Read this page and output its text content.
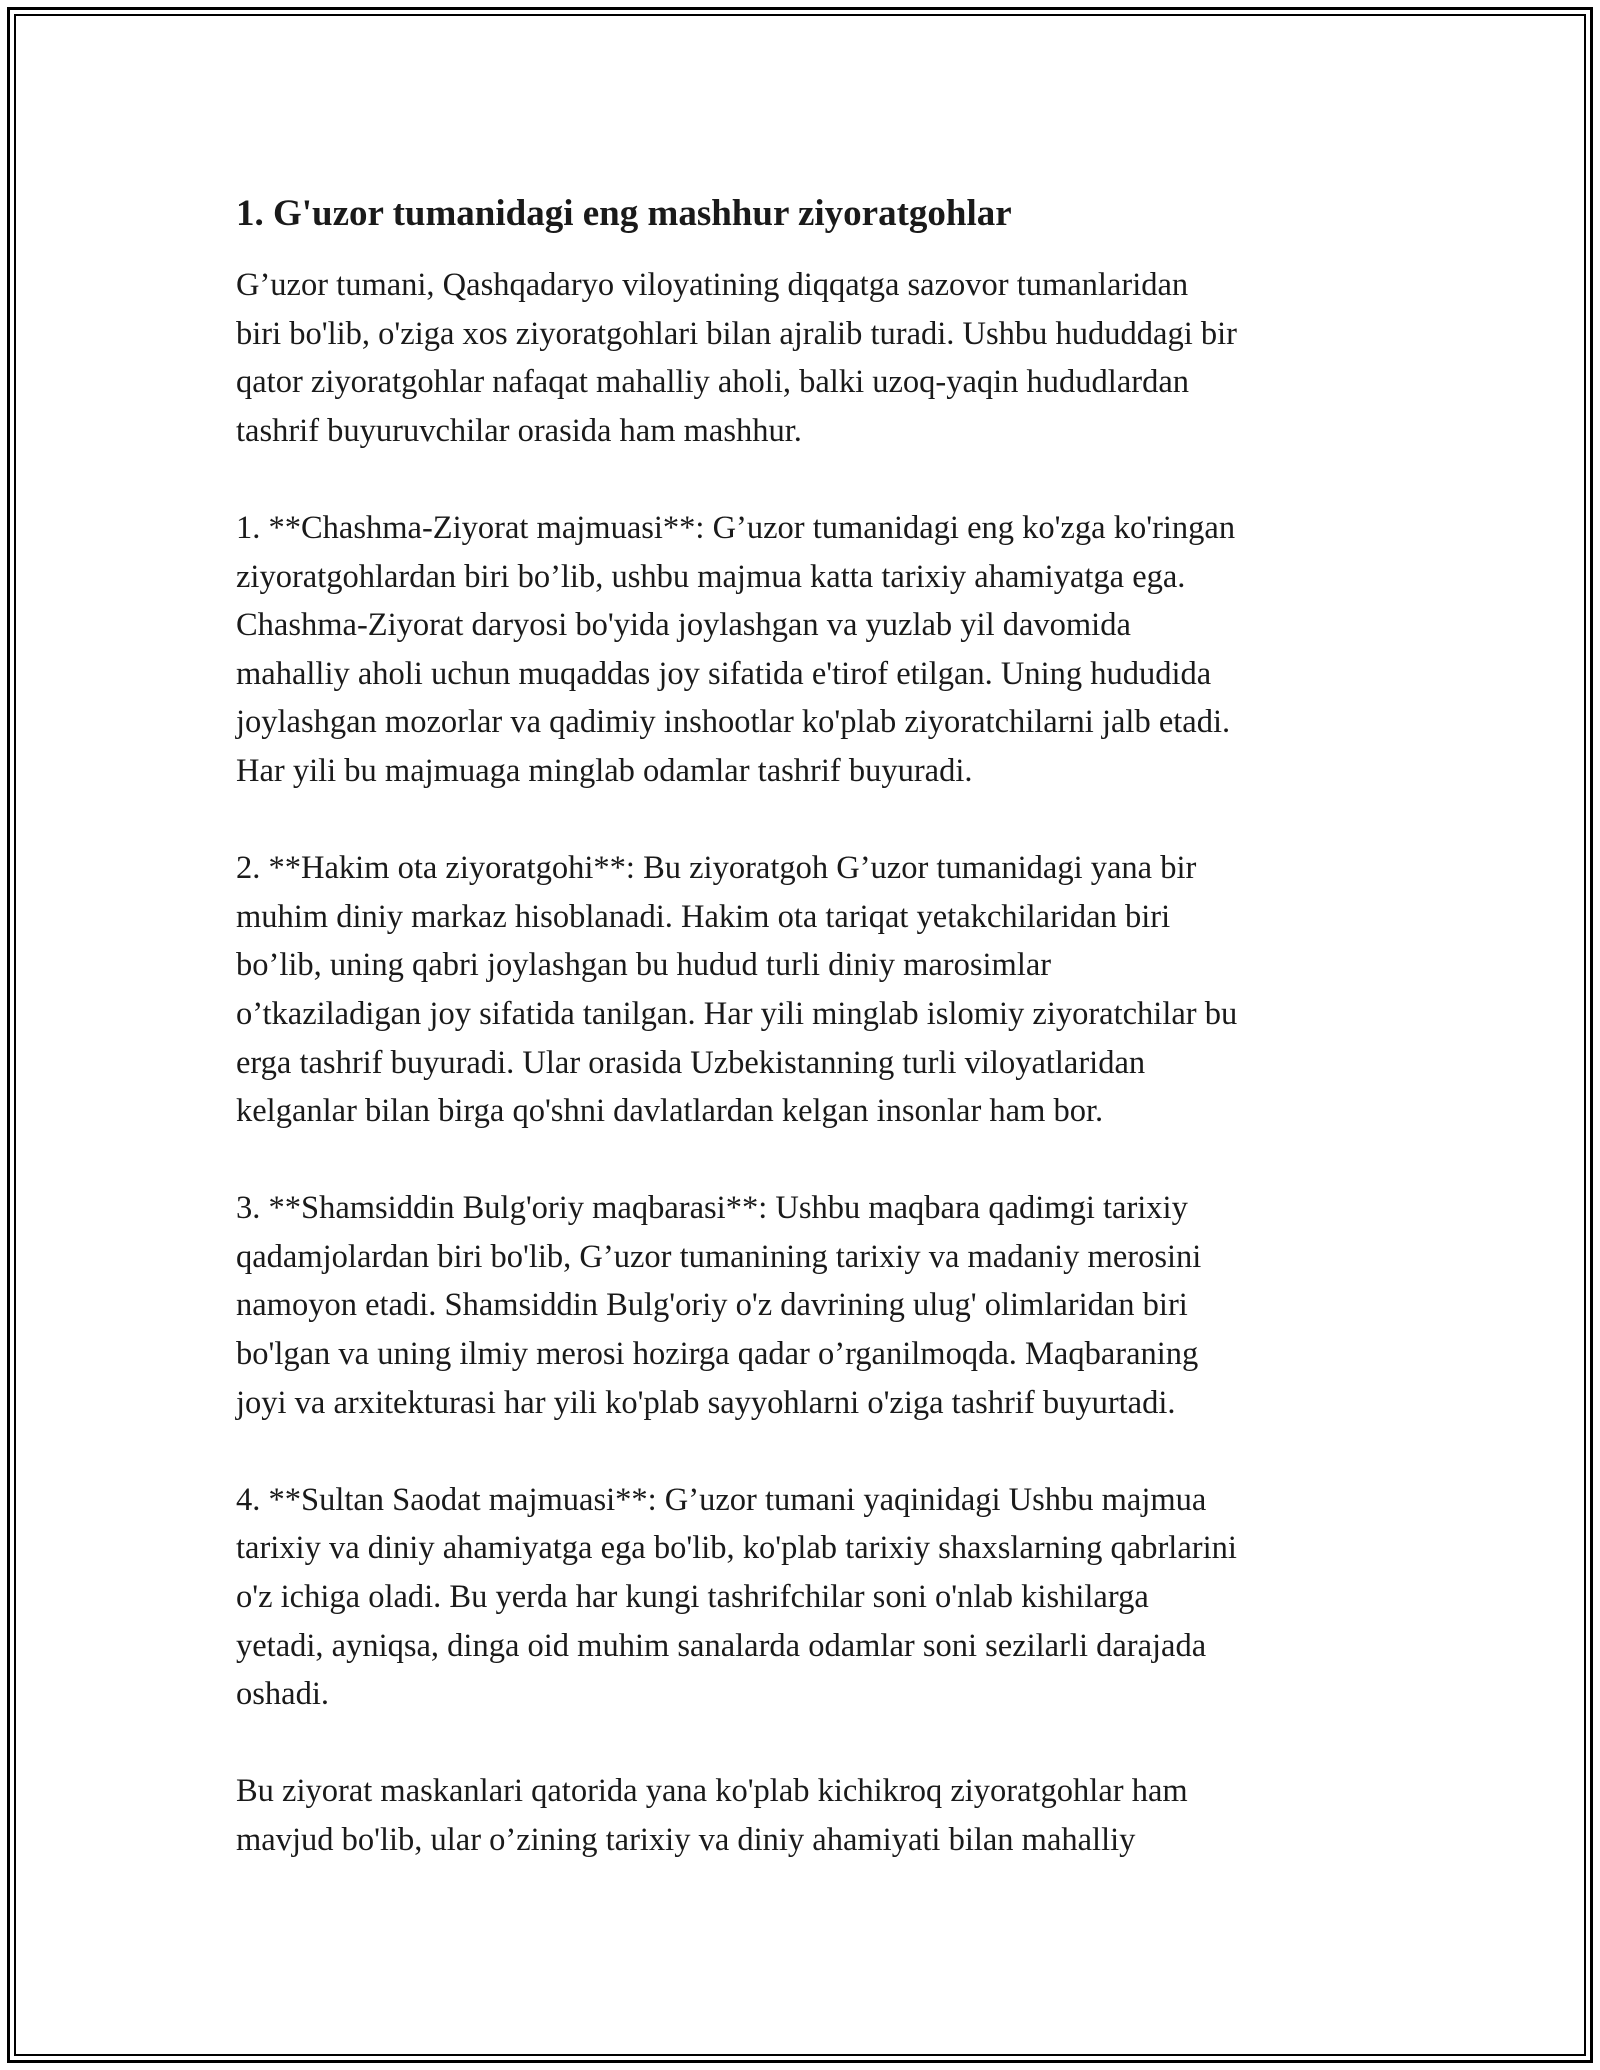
1. G'uzor tumanidagi eng mashhur ziyoratgohlar

G’uzor tumani, Qashqadaryo viloyatining diqqatga sazovor tumanlaridan
biri bo'lib, o'ziga xos ziyoratgohlari bilan ajralib turadi. Ushbu hududdagi bir
qator ziyoratgohlar nafaqat mahalliy aholi, balki uzoq-yaqin hududlardan
tashrif buyuruvchilar orasida ham mashhur.

1. **Chashma-Ziyorat majmuasi**: G’uzor tumanidagi eng ko'zga ko'ringan
ziyoratgohlardan biri bo’lib, ushbu majmua katta tarixiy ahamiyatga ega.
Chashma-Ziyorat daryosi bo'yida joylashgan va yuzlab yil davomida
mahalliy aholi uchun muqaddas joy sifatida e'tirof etilgan. Uning hududida
joylashgan mozorlar va qadimiy inshootlar ko'plab ziyoratchilarni jalb etadi.
Har yili bu majmuaga minglab odamlar tashrif buyuradi.

2. **Hakim ota ziyoratgohi**: Bu ziyoratgoh G’uzor tumanidagi yana bir
muhim diniy markaz hisoblanadi. Hakim ota tariqat yetakchilaridan biri
bo’lib, uning qabri joylashgan bu hudud turli diniy marosimlar
o’tkaziladigan joy sifatida tanilgan. Har yili minglab islomiy ziyoratchilar bu
erga tashrif buyuradi. Ular orasida Uzbekistanning turli viloyatlaridan
kelganlar bilan birga qo'shni davlatlardan kelgan insonlar ham bor.

3. **Shamsiddin Bulg'oriy maqbarasi**: Ushbu maqbara qadimgi tarixiy
qadamjolardan biri bo'lib, G’uzor tumanining tarixiy va madaniy merosini
namoyon etadi. Shamsiddin Bulg'oriy o'z davrining ulug' olimlaridan biri
bo'lgan va uning ilmiy merosi hozirga qadar o’rganilmoqda. Maqbaraning
joyi va arxitekturasi har yili ko'plab sayyohlarni o'ziga tashrif buyurtadi.

4. **Sultan Saodat majmuasi**: G’uzor tumani yaqinidagi Ushbu majmua
tarixiy va diniy ahamiyatga ega bo'lib, ko'plab tarixiy shaxslarning qabrlarini
o'z ichiga oladi. Bu yerda har kungi tashrifchilar soni o'nlab kishilarga
yetadi, ayniqsa, dinga oid muhim sanalarda odamlar soni sezilarli darajada
oshadi.

Bu ziyorat maskanlari qatorida yana ko'plab kichikroq ziyoratgohlar ham
mavjud bo'lib, ular o’zining tarixiy va diniy ahamiyati bilan mahalliy
